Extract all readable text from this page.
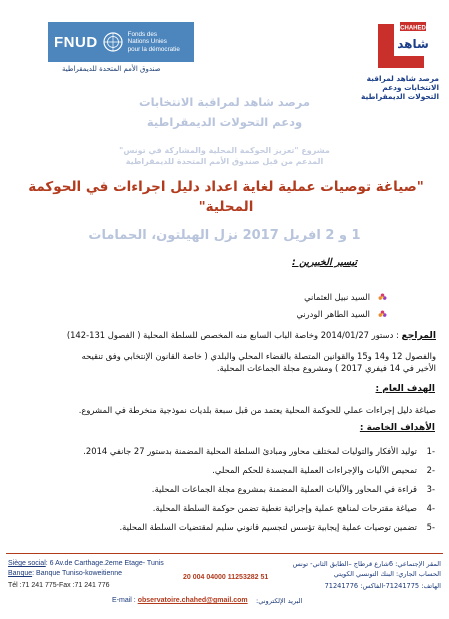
FNUD	Fonds des
Nations Unies
pour la démocratie
صندوق الأمم المتحدة للديمقراطية
CHAHED
شاهد
مرصد شاهد لمراقبة
الانتخابات ودعم
التحولات الديمقراطية
مرصد شاهد لمراقبة الانتخابات
ودعم التحولات الديمقراطية
مشروع "تعزيز الحوكمة المحلية والمشاركة في تونس"
المدعم من قبل صندوق الأمم المتحدة للديمقراطية
"صياغة توصيات عملية لغاية اعداد دليل اجراءات في الحوكمة
المحلية"
1 و 2 افريل 2017 نزل الهيلتون، الحمامات
تيسير الخبيرين :
السيد نبيل العثماني
السيد الطاهر الودرني
المراجع : دستور 2014/01/27 وخاصة الباب السابع منه المخصص للسلطة المحلية ( الفصول 131-142)
والفصول 12 و14 و15 والقوانين المتصلة بالقضاء المحلي والبلدي ( خاصة القانون الإنتخابي وفق تنقيحه
الأخير في 14 فيفري 2017 ) ومشروع مجلة الجماعات المحلية.
الهدف العام :
صياغة دليل إجراءات عملي للحوكمة المحلية يعتمد من قبل سبعة بلديات نموذجية منخرطة في المشروع.
الأهداف الخاصة :
-1
توليد الأفكار والتوليات لمختلف محاور ومبادئ السلطة المحلية المضمنة بدستور 27 جانفي 2014.
-2
تمحيص الآليات والإجراءات العملية المجسدة للحكم المحلي.
-3
قراءة في المحاور والآليات العملية المضمنة بمشروع مجلة الجماعات المحلية.
-4
صياغة مقترحات لمناهج عملية وإجرائية تغطية تضمن حوكمة السلطة المحلية.
-5
تضمين توصيات عملية إيجابية تؤسس لتجسيم قانوني سليم لمقتضيات السلطة المحلية.
Siège social: 6 Av.de Carthage.2eme Etage- Tunis
Banque: Banque Tuniso-koweitienne
Tél :71 241 775-Fax :71 241 776
20 004 04000 11253282 51
المقر الإجتماعي: 6شارع قرطاج –الطابق الثاني- تونس
الحساب الجاري: البنك التونسي الكويتي
الهاتف: 71241775-الفاكس: 71241776
E-mail : observatoire.chahed@gmail.com البريد الإلكتروني:
